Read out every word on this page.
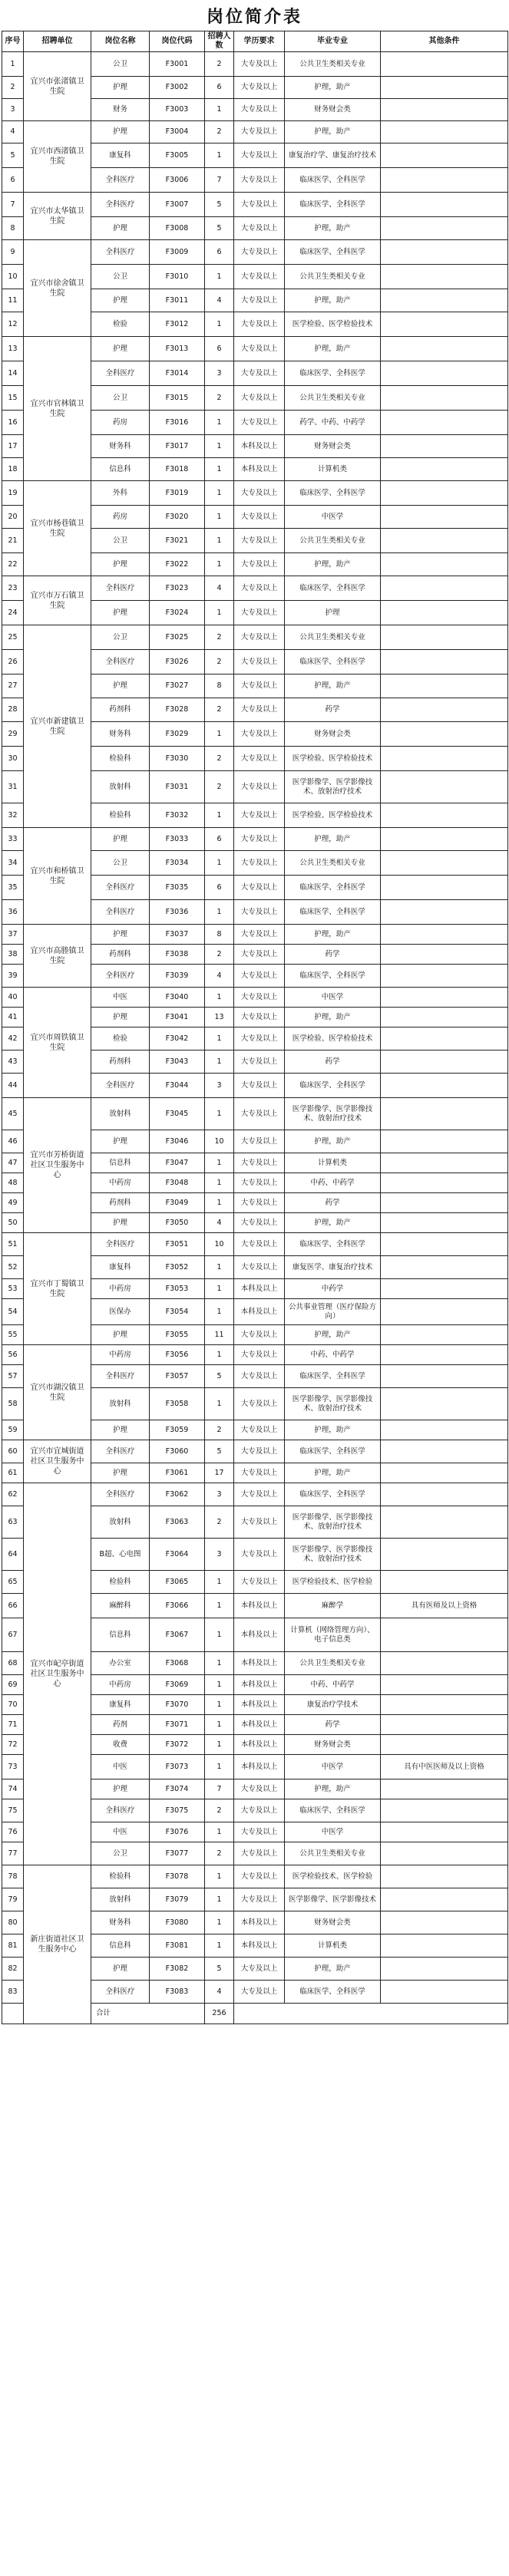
岗位简介表
序号	招聘单位	岗位名称	岗位代码	招聘人数	学历要求	毕业专业	其他条件
1	宜兴市张渚镇卫生院	公卫	F3001	2	大专及以上	公共卫生类相关专业	
2		护理	F3002	6	大专及以上	护理，助产	
3		财务	F3003	1	大专及以上	财务财会类	
4	宜兴市西渚镇卫生院	护理	F3004	2	大专及以上	护理，助产	
5		康复科	F3005	1	大专及以上	康复治疗学、康复治疗技术	
6		全科医疗	F3006	7	大专及以上	临床医学、全科医学	
7	宜兴市太华镇卫生院	全科医疗	F3007	5	大专及以上	临床医学、全科医学	
8		护理	F3008	5	大专及以上	护理，助产	
9	宜兴市徐舍镇卫生院	全科医疗	F3009	6	大专及以上	临床医学、全科医学	
10		公卫	F3010	1	大专及以上	公共卫生类相关专业	
11		护理	F3011	4	大专及以上	护理，助产	
12		检验	F3012	1	大专及以上	医学检验、医学检验技术	
13	宜兴市官林镇卫生院	护理	F3013	6	大专及以上	护理，助产	
14		全科医疗	F3014	3	大专及以上	临床医学、全科医学	
15		公卫	F3015	2	大专及以上	公共卫生类相关专业	
16		药房	F3016	1	大专及以上	药学、中药、中药学	
17		财务科	F3017	1	本科及以上	财务财会类	
18		信息科	F3018	1	本科及以上	计算机类	
19	宜兴市杨巷镇卫生院	外科	F3019	1	大专及以上	临床医学、全科医学	
20		药房	F3020	1	大专及以上	中医学	
21		公卫	F3021	1	大专及以上	公共卫生类相关专业	
22		护理	F3022	1	大专及以上	护理，助产	
23	宜兴市万石镇卫生院	全科医疗	F3023	4	大专及以上	临床医学、全科医学	
24		护理	F3024	1	大专及以上	护理	
25	宜兴市新建镇卫生院	公卫	F3025	2	大专及以上	公共卫生类相关专业	
26		全科医疗	F3026	2	大专及以上	临床医学、全科医学	
27		护理	F3027	8	大专及以上	护理，助产	
28		药剂科	F3028	2	大专及以上	药学	
29		财务科	F3029	1	大专及以上	财务财会类	
30		检验科	F3030	2	大专及以上	医学检验、医学检验技术	
31		放射科	F3031	2	大专及以上	医学影像学、医学影像技术、放射治疗技术	
32		检验科	F3032	1	大专及以上	医学检验、医学检验技术	
33	宜兴市和桥镇卫生院	护理	F3033	6	大专及以上	护理，助产	
34		公卫	F3034	1	大专及以上	公共卫生类相关专业	
35		全科医疗	F3035	6	大专及以上	临床医学、全科医学	
36		全科医疗	F3036	1	大专及以上	临床医学、全科医学	
37	宜兴市高塍镇卫生院	护理	F3037	8	大专及以上	护理，助产	
38		药剂科	F3038	2	大专及以上	药学	
39		全科医疗	F3039	4	大专及以上	临床医学、全科医学	
40	宜兴市周铁镇卫生院	中医	F3040	1	大专及以上	中医学	
41		护理	F3041	13	大专及以上	护理，助产	
42		检验	F3042	1	大专及以上	医学检验、医学检验技术	
43		药剂科	F3043	1	大专及以上	药学	
44		全科医疗	F3044	3	大专及以上	临床医学、全科医学	
45	宜兴市芳桥街道社区卫生服务中心	放射科	F3045	1	大专及以上	医学影像学、医学影像技术、放射治疗技术	
46		护理	F3046	10	大专及以上	护理，助产	
47		信息科	F3047	1	大专及以上	计算机类	
48		中药房	F3048	1	大专及以上	中药、中药学	
49		药剂科	F3049	1	大专及以上	药学	
50		护理	F3050	4	大专及以上	护理，助产	
51	宜兴市丁蜀镇卫生院	全科医疗	F3051	10	大专及以上	临床医学、全科医学	
52		康复科	F3052	1	大专及以上	康复医学、康复治疗技术	
53		中药房	F3053	1	本科及以上	中药学	
54		医保办	F3054	1	本科及以上	公共事业管理（医疗保险方向）	
55		护理	F3055	11	大专及以上	护理，助产	
56	宜兴市湖㳇镇卫生院	中药房	F3056	1	大专及以上	中药、中药学	
57		全科医疗	F3057	5	大专及以上	临床医学、全科医学	
58		放射科	F3058	1	大专及以上	医学影像学、医学影像技术、放射治疗技术	
59		护理	F3059	2	大专及以上	护理，助产	
60	宜兴市宜城街道社区卫生服务中心	全科医疗	F3060	5	大专及以上	临床医学、全科医学	
61		护理	F3061	17	大专及以上	护理，助产	
62	宜兴市屺亭街道社区卫生服务中心	全科医疗	F3062	3	大专及以上	临床医学、全科医学	
63		放射科	F3063	2	大专及以上	医学影像学、医学影像技术、放射治疗技术	
64		B超、心电图	F3064	3	大专及以上	医学影像学、医学影像技术、放射治疗技术	
65		检验科	F3065	1	大专及以上	医学检验技术、医学检验	
66		麻醉科	F3066	1	本科及以上	麻醉学	具有医师及以上资格
67		信息科	F3067	1	本科及以上	计算机（网络管理方向）、电子信息类	
68		办公室	F3068	1	本科及以上	公共卫生类相关专业	
69		中药房	F3069	1	本科及以上	中药、中药学	
70		康复科	F3070	1	本科及以上	康复治疗学技术	
71		药剂	F3071	1	本科及以上	药学	
72		收费	F3072	1	本科及以上	财务财会类	
73		中医	F3073	1	本科及以上	中医学	具有中医医师及以上资格
74		护理	F3074	7	大专及以上	护理，助产	
75		全科医疗	F3075	2	大专及以上	临床医学、全科医学	
76		中医	F3076	1	大专及以上	中医学	
77		公卫	F3077	2	大专及以上	公共卫生类相关专业	
78	新庄街道社区卫生服务中心	检验科	F3078	1	大专及以上	医学检验技术、医学检验	
79		放射科	F3079	1	大专及以上	医学影像学、医学影像技术	
80		财务科	F3080	1	本科及以上	财务财会类	
81		信息科	F3081	1	本科及以上	计算机类	
82		护理	F3082	5	大专及以上	护理，助产	
83		全科医疗	F3083	4	大专及以上	临床医学、全科医学	
合计				256			
